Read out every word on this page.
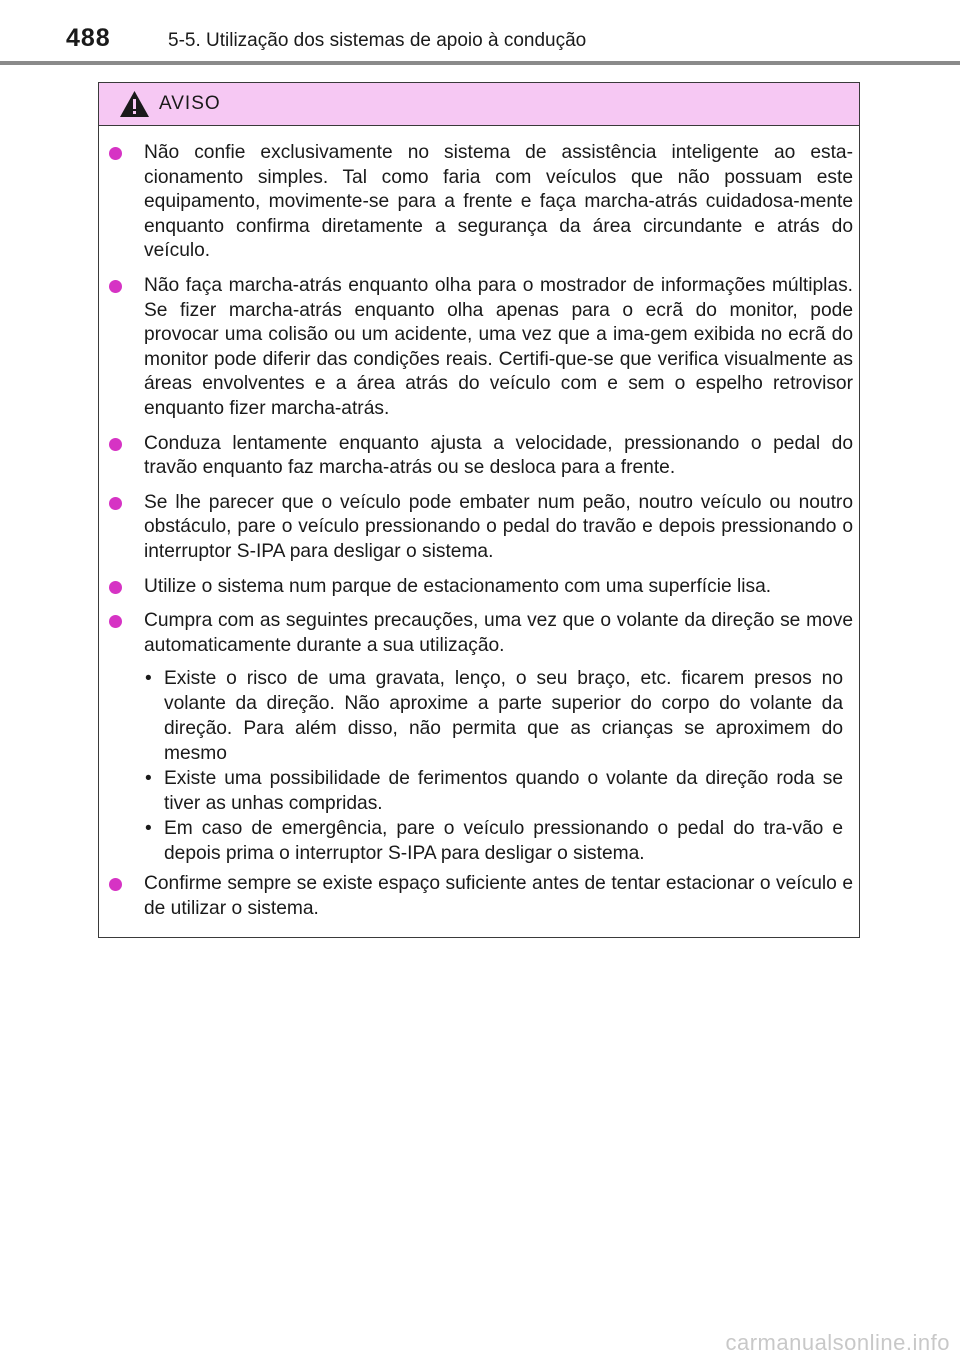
488	5-5. Utilização dos sistemas de apoio à condução
AVISO
Não confie exclusivamente no sistema de assistência inteligente ao esta-cionamento simples. Tal como faria com veículos que não possuam este equipamento, movimente-se para a frente e faça marcha-atrás cuidadosa-mente enquanto confirma diretamente a segurança da área circundante e atrás do veículo.
Não faça marcha-atrás enquanto olha para o mostrador de informações múltiplas. Se fizer marcha-atrás enquanto olha apenas para o ecrã do monitor, pode provocar uma colisão ou um acidente, uma vez que a ima-gem exibida no ecrã do monitor pode diferir das condições reais. Certifi-que-se que verifica visualmente as áreas envolventes e a área atrás do veículo com e sem o espelho retrovisor enquanto fizer marcha-atrás.
Conduza lentamente enquanto ajusta a velocidade, pressionando o pedal do travão enquanto faz marcha-atrás ou se desloca para a frente.
Se lhe parecer que o veículo pode embater num peão, noutro veículo ou noutro obstáculo, pare o veículo pressionando o pedal do travão e depois pressionando o interruptor S-IPA para desligar o sistema.
Utilize o sistema num parque de estacionamento com uma superfície lisa.
Cumpra com as seguintes precauções, uma vez que o volante da direção se move automaticamente durante a sua utilização.
• Existe o risco de uma gravata, lenço, o seu braço, etc. ficarem presos no volante da direção. Não aproxime a parte superior do corpo do volante da direção. Para além disso, não permita que as crianças se aproximem do mesmo
• Existe uma possibilidade de ferimentos quando o volante da direção roda se tiver as unhas compridas.
• Em caso de emergência, pare o veículo pressionando o pedal do tra-vão e depois prima o interruptor S-IPA para desligar o sistema.
Confirme sempre se existe espaço suficiente antes de tentar estacionar o veículo e de utilizar o sistema.
carmanualsonline.info
